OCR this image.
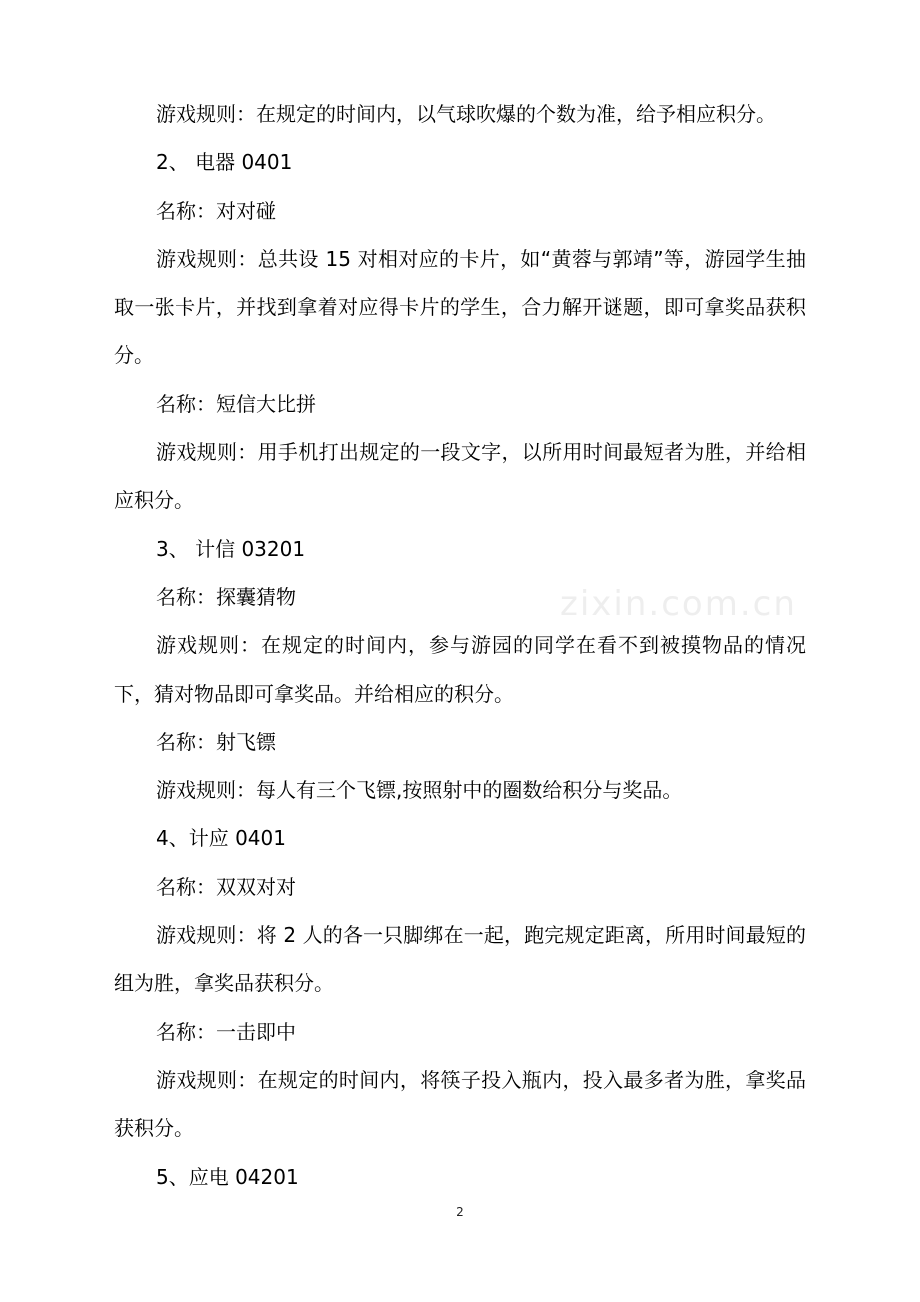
zixin.com.cn

游戏规则：在规定的时间内，以气球吹爆的个数为准，给予相应积分。

2、 电器 0401

名称：对对碰

游戏规则：总共设 15 对相对应的卡片，如“黄蓉与郭靖”等，游园学生抽取一张卡片，并找到拿着对应得卡片的学生，合力解开谜题，即可拿奖品获积分。

名称：短信大比拼

游戏规则：用手机打出规定的一段文字，以所用时间最短者为胜，并给相应积分。

3、 计信 03201

名称：探囊猜物

游戏规则：在规定的时间内，参与游园的同学在看不到被摸物品的情况下，猜对物品即可拿奖品。并给相应的积分。

名称：射飞镖

游戏规则：每人有三个飞镖,按照射中的圈数给积分与奖品。

4、计应 0401

名称：双双对对

游戏规则：将 2 人的各一只脚绑在一起，跑完规定距离，所用时间最短的组为胜，拿奖品获积分。

名称：一击即中

游戏规则：在规定的时间内，将筷子投入瓶内，投入最多者为胜，拿奖品获积分。

5、应电 04201

2
